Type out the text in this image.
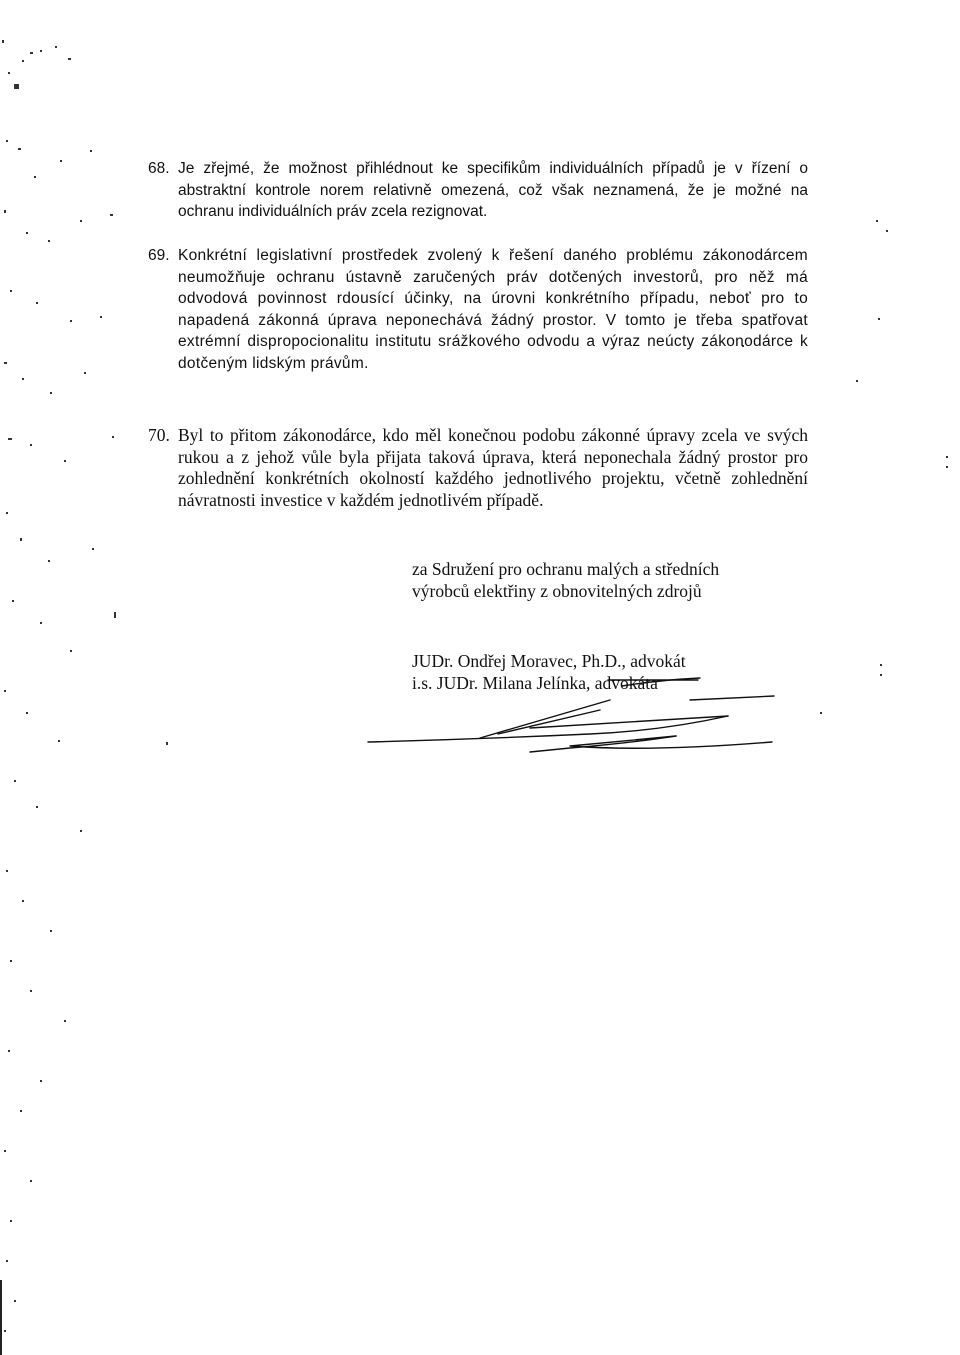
68. Je zřejmé, že možnost přihlédnout ke specifikům individuálních případů je v řízení o abstraktní kontrole norem relativně omezená, což však neznamená, že je možné na ochranu individuálních práv zcela rezignovat.

69. Konkrétní legislativní prostředek zvolený k řešení daného problému zákonodárcem neumožňuje ochranu ústavně zaručených práv dotčených investorů, pro něž má odvodová povinnost rdousící účinky, na úrovni konkrétního případu, neboť pro to napadená zákonná úprava neponechává žádný prostor. V tomto je třeba spatřovat extrémní dispropocionalitu institutu srážkového odvodu a výraz neúcty zákonodárce k dotčeným lidským právům.

70. Byl to přitom zákonodárce, kdo měl konečnou podobu zákonné úpravy zcela ve svých rukou a z jehož vůle byla přijata taková úprava, která neponechala žádný prostor pro zohlednění konkrétních okolností každého jednotlivého projektu, včetně zohlednění návratnosti investice v každém jednotlivém případě.

za Sdružení pro ochranu malých a středních
výrobců elektřiny z obnovitelných zdrojů
JUDr. Ondřej Moravec, Ph.D., advokát
i.s. JUDr. Milana Jelínka, advokáta
